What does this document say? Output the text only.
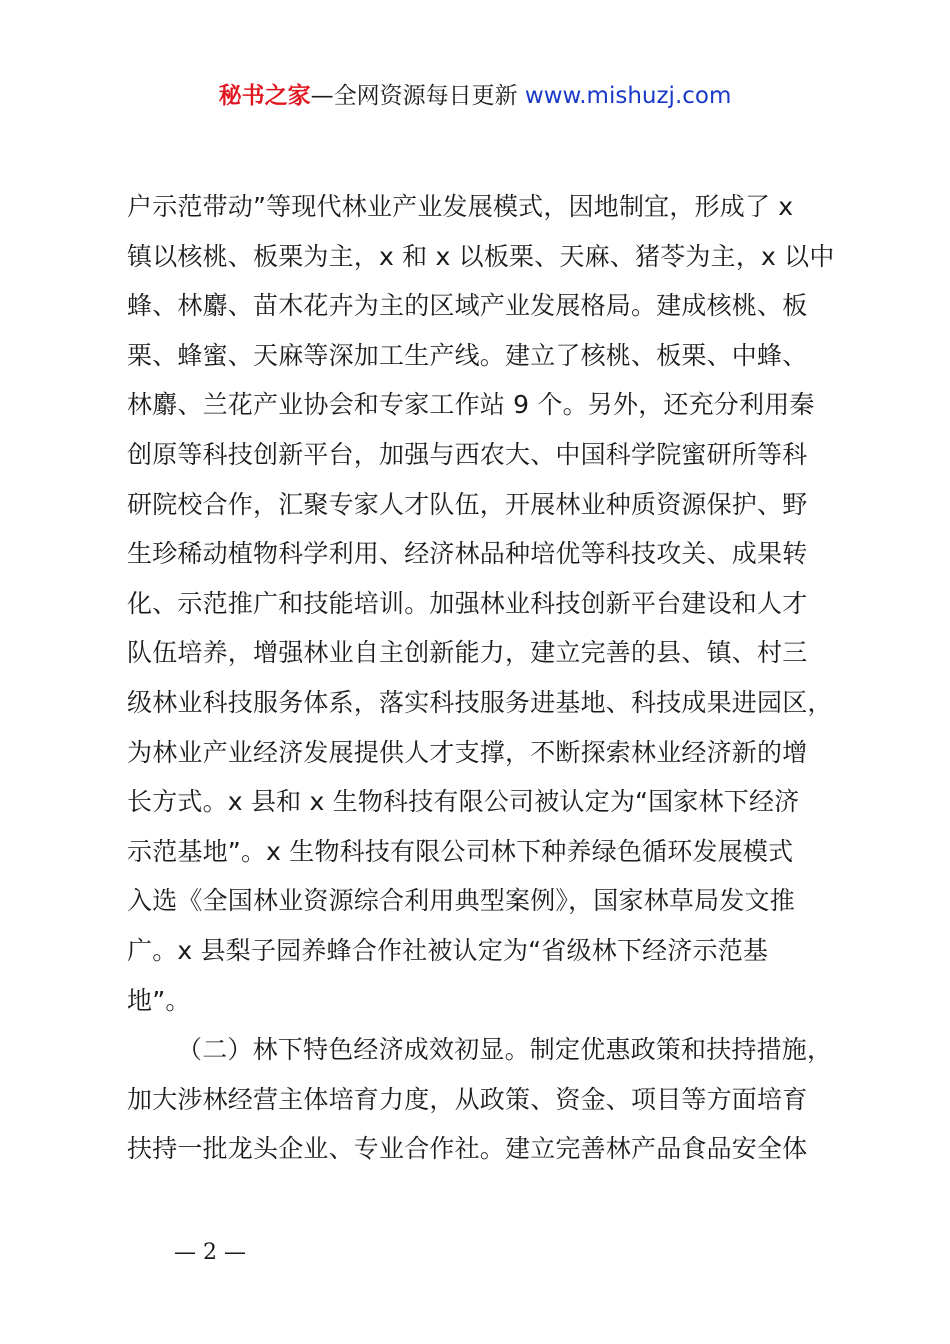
秘书之家—全网资源每日更新 www.mishuzj.com
户示范带动”等现代林业产业发展模式，因地制宜，形成了 x
镇以核桃、板栗为主，x 和 x 以板栗、天麻、猪苓为主，x 以中
蜂、林麝、苗木花卉为主的区域产业发展格局。建成核桃、板
栗、蜂蜜、天麻等深加工生产线。建立了核桃、板栗、中蜂、
林麝、兰花产业协会和专家工作站 9 个。另外，还充分利用秦
创原等科技创新平台，加强与西农大、中国科学院蜜研所等科
研院校合作，汇聚专家人才队伍，开展林业种质资源保护、野
生珍稀动植物科学利用、经济林品种培优等科技攻关、成果转
化、示范推广和技能培训。加强林业科技创新平台建设和人才
队伍培养，增强林业自主创新能力，建立完善的县、镇、村三
级林业科技服务体系，落实科技服务进基地、科技成果进园区，
为林业产业经济发展提供人才支撑，不断探索林业经济新的增
长方式。x 县和 x 生物科技有限公司被认定为“国家林下经济
示范基地”。x 生物科技有限公司林下种养绿色循环发展模式
入选《全国林业资源综合利用典型案例》，国家林草局发文推
广。x 县梨子园养蜂合作社被认定为“省级林下经济示范基
地”。
（二）林下特色经济成效初显。制定优惠政策和扶持措施，
加大涉林经营主体培育力度，从政策、资金、项目等方面培育
扶持一批龙头企业、专业合作社。建立完善林产品食品安全体
— 2 —
